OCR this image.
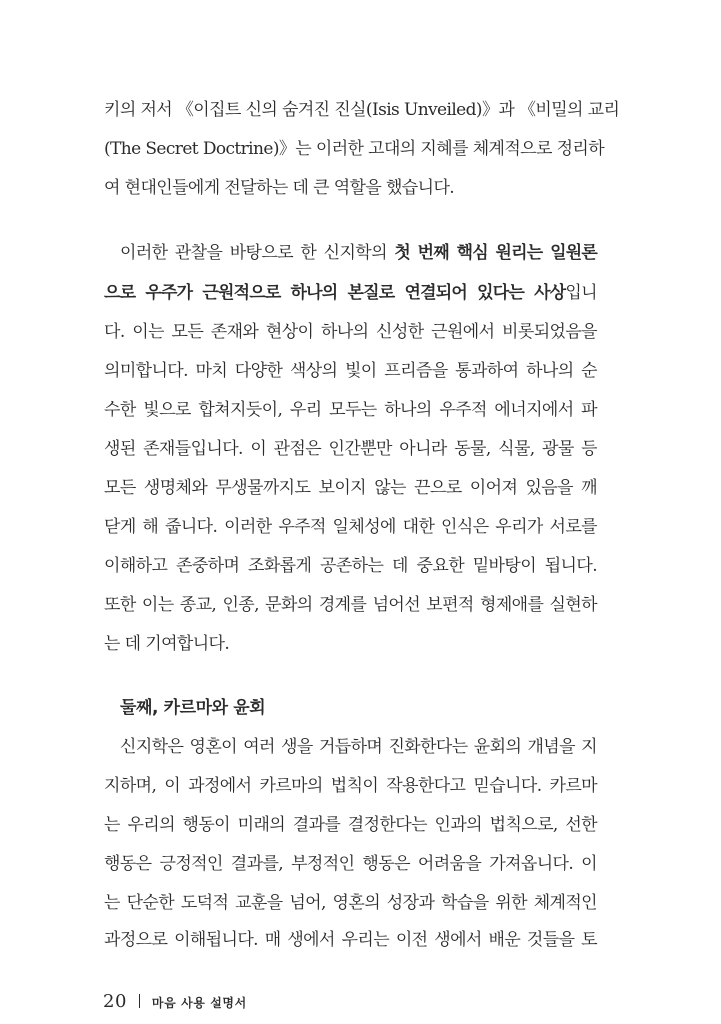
키의 저서 《이집트 신의 숨겨진 진실(Isis Unveiled)》과 《비밀의 교리
(The Secret Doctrine)》는 이러한 고대의 지혜를 체계적으로 정리하
여 현대인들에게 전달하는 데 큰 역할을 했습니다.
이러한 관찰을 바탕으로 한 신지학의 첫 번째 핵심 원리는 일원론
으로 우주가 근원적으로 하나의 본질로 연결되어 있다는 사상입니
다. 이는 모든 존재와 현상이 하나의 신성한 근원에서 비롯되었음을
의미합니다. 마치 다양한 색상의 빛이 프리즘을 통과하여 하나의 순
수한 빛으로 합쳐지듯이, 우리 모두는 하나의 우주적 에너지에서 파
생된 존재들입니다. 이 관점은 인간뿐만 아니라 동물, 식물, 광물 등
모든 생명체와 무생물까지도 보이지 않는 끈으로 이어져 있음을 깨
닫게 해 줍니다. 이러한 우주적 일체성에 대한 인식은 우리가 서로를
이해하고 존중하며 조화롭게 공존하는 데 중요한 밑바탕이 됩니다.
또한 이는 종교, 인종, 문화의 경계를 넘어선 보편적 형제애를 실현하
는 데 기여합니다.
둘째, 카르마와 윤회
신지학은 영혼이 여러 생을 거듭하며 진화한다는 윤회의 개념을 지
지하며, 이 과정에서 카르마의 법칙이 작용한다고 믿습니다. 카르마
는 우리의 행동이 미래의 결과를 결정한다는 인과의 법칙으로, 선한
행동은 긍정적인 결과를, 부정적인 행동은 어려움을 가져옵니다. 이
는 단순한 도덕적 교훈을 넘어, 영혼의 성장과 학습을 위한 체계적인
과정으로 이해됩니다. 매 생에서 우리는 이전 생에서 배운 것들을 토
20 마음 사용 설명서
